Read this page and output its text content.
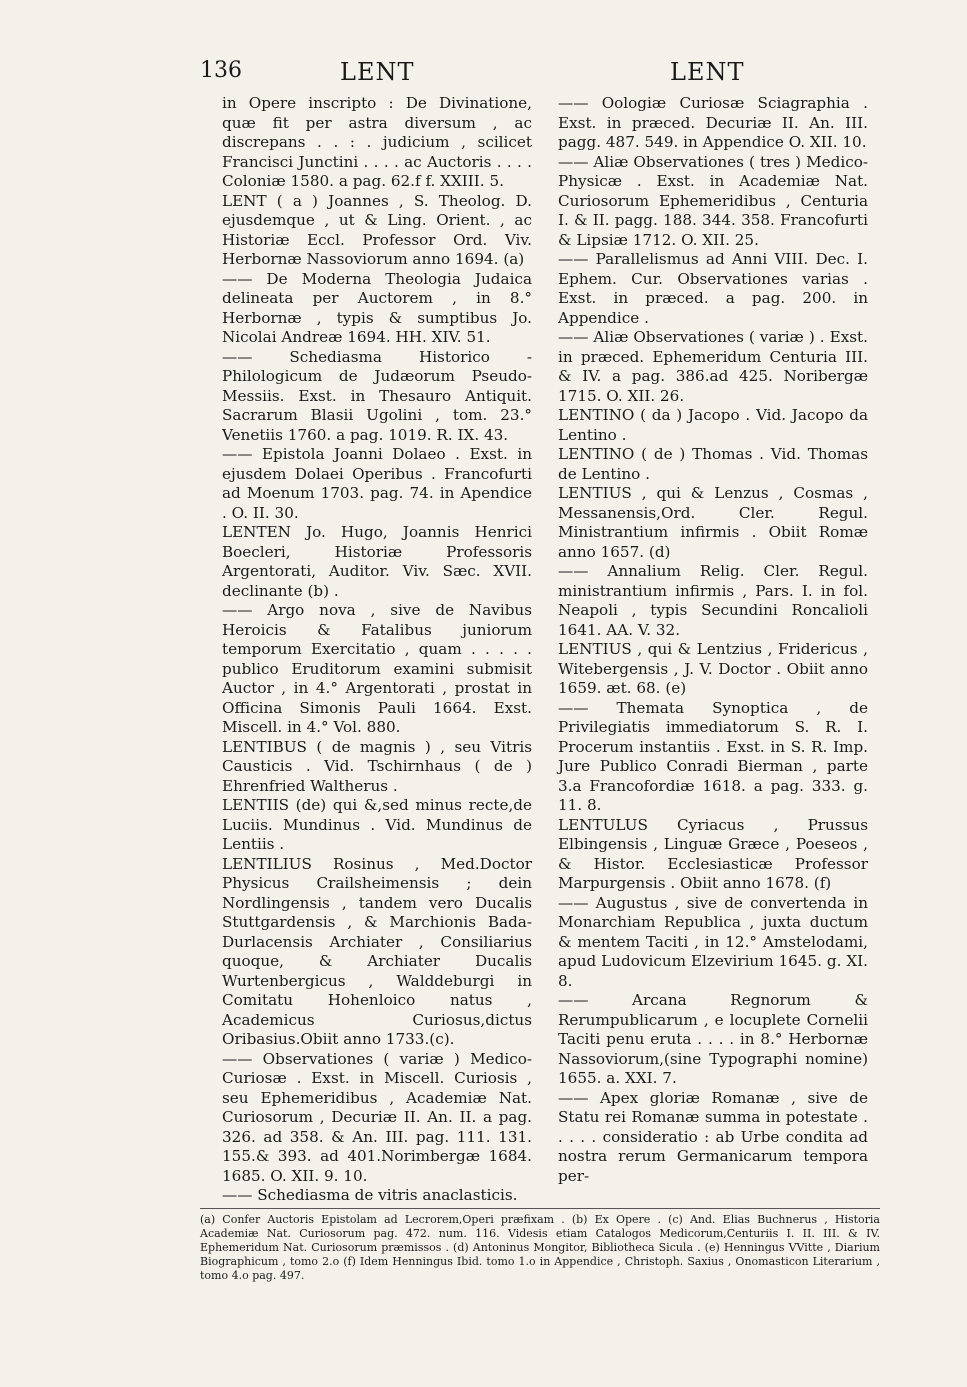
136	LENT	LENT

in Opere inscripto : De Divinatione, quæ fit per astra diversum , ac discrepans . . : . judicium , scilicet Francisci Junctini . . . . ac Auctoris . . . . Coloniæ 1580. a pag. 62.f f. XXIII. 5.

LENT ( a ) Joannes , S. Theolog. D. ejusdemque , ut & Ling. Orient. , ac Historiæ Eccl. Professor Ord. Viv. Herbornæ Nassoviorum anno 1694. (a)

—— De Moderna Theologia Judaica delineata per Auctorem , in 8.° Herbornæ , typis & sumptibus Jo. Nicolai Andreæ 1694. HH. XIV. 51.

—— Schediasma Historico - Philologicum de Judæorum Pseudo-Messiis. Exst. in Thesauro Antiquit. Sacrarum Blasii Ugolini , tom. 23.° Venetiis 1760. a pag. 1019. R. IX. 43.

—— Epistola Joanni Dolaeo . Exst. in ejusdem Dolaei Operibus . Francofurti ad Moenum 1703. pag. 74. in Apendice . O. II. 30.

LENTEN Jo. Hugo, Joannis Henrici Boecleri, Historiæ Professoris Argentorati, Auditor. Viv. Sæc. XVII. declinante (b) .

—— Argo nova , sive de Navibus Heroicis & Fatalibus juniorum temporum Exercitatio , quam . . . . . publico Eruditorum examini submisit Auctor , in 4.° Argentorati , prostat in Officina Simonis Pauli 1664. Exst. Miscell. in 4.° Vol. 880.

LENTIBUS ( de magnis ) , seu Vitris Causticis . Vid. Tschirnhaus ( de ) Ehrenfried Waltherus .

LENTIIS (de) qui &,sed minus recte,de Luciis. Mundinus . Vid. Mundinus de Lentiis .

LENTILIUS Rosinus , Med.Doctor Physicus Crailsheimensis ; dein Nordlingensis , tandem vero Ducalis Stuttgardensis , & Marchionis Bada-Durlacensis Archiater , Consiliarius quoque, & Archiater Ducalis Wurtenbergicus , Walddeburgi in Comitatu Hohenloico natus , Academicus Curiosus,dictus Oribasius.Obiit anno 1733.(c).

—— Observationes ( variæ ) Medico-Curiosæ . Exst. in Miscell. Curiosis , seu Ephemeridibus , Academiæ Nat. Curiosorum , Decuriæ II. An. II. a pag. 326. ad 358. & An. III. pag. 111. 131. 155.& 393. ad 401.Norimbergæ 1684. 1685. O. XII. 9. 10.

—— Schediasma de vitris anaclasticis.

—— Oologiæ Curiosæ Sciagraphia . Exst. in præced. Decuriæ II. An. III. pagg. 487. 549. in Appendice O. XII. 10.

—— Aliæ Observationes ( tres ) Medico-Physicæ . Exst. in Academiæ Nat. Curiosorum Ephemeridibus , Centuria I. & II. pagg. 188. 344. 358. Francofurti & Lipsiæ 1712. O. XII. 25.

—— Parallelismus ad Anni VIII. Dec. I. Ephem. Cur. Observationes varias . Exst. in præced. a pag. 200. in Appendice .

—— Aliæ Observationes ( variæ ) . Exst. in præced. Ephemeridum Centuria III. & IV. a pag. 386.ad 425. Noribergæ 1715. O. XII. 26.

LENTINO ( da ) Jacopo . Vid. Jacopo da Lentino .

LENTINO ( de ) Thomas . Vid. Thomas de Lentino .

LENTIUS , qui & Lenzus , Cosmas , Messanensis,Ord. Cler. Regul. Ministrantium infirmis . Obiit Romæ anno 1657. (d)

—— Annalium Relig. Cler. Regul. ministrantium infirmis , Pars. I. in fol. Neapoli , typis Secundini Roncalioli 1641. AA. V. 32.

LENTIUS , qui & Lentzius , Fridericus , Witebergensis , J. V. Doctor . Obiit anno 1659. æt. 68. (e)

—— Themata Synoptica , de Privilegiatis immediatorum S. R. I. Procerum instantiis . Exst. in S. R. Imp. Jure Publico Conradi Bierman , parte 3.a Francofordiæ 1618. a pag. 333. g. 11. 8.

LENTULUS Cyriacus , Prussus Elbingensis , Linguæ Græce , Poeseos , & Histor. Ecclesiasticæ Professor Marpurgensis . Obiit anno 1678. (f)

—— Augustus , sive de convertenda in Monarchiam Republica , juxta ductum & mentem Taciti , in 12.° Amstelodami, apud Ludovicum Elzevirium 1645. g. XI. 8.

—— Arcana Regnorum & Rerumpublicarum , e locuplete Cornelii Taciti penu eruta . . . . in 8.° Herbornæ Nassoviorum,(sine Typographi nomine) 1655. a. XXI. 7.

—— Apex gloriæ Romanæ , sive de Statu rei Romanæ summa in potestate . . . . . consideratio : ab Urbe condita ad nostra rerum Germanicarum tempora per-

(a) Confer Auctoris Epistolam ad Lecrorem,Operi præfixam . (b) Ex Opere . (c) And. Elias Buchnerus , Historia Academiæ Nat. Curiosorum pag. 472. num. 116. Videsis etiam Catalogos Medicorum,Centuriis I. II. III. & IV. Ephemeridum Nat. Curiosorum præmissos . (d) Antoninus Mongitor, Bibliotheca Sicula . (e) Henningus VVitte , Diarium Biographicum , tomo 2.o (f) Idem Henningus Ibid. tomo 1.o in Appendice , Christoph. Saxius , Onomasticon Literarium , tomo 4.o pag. 497.
